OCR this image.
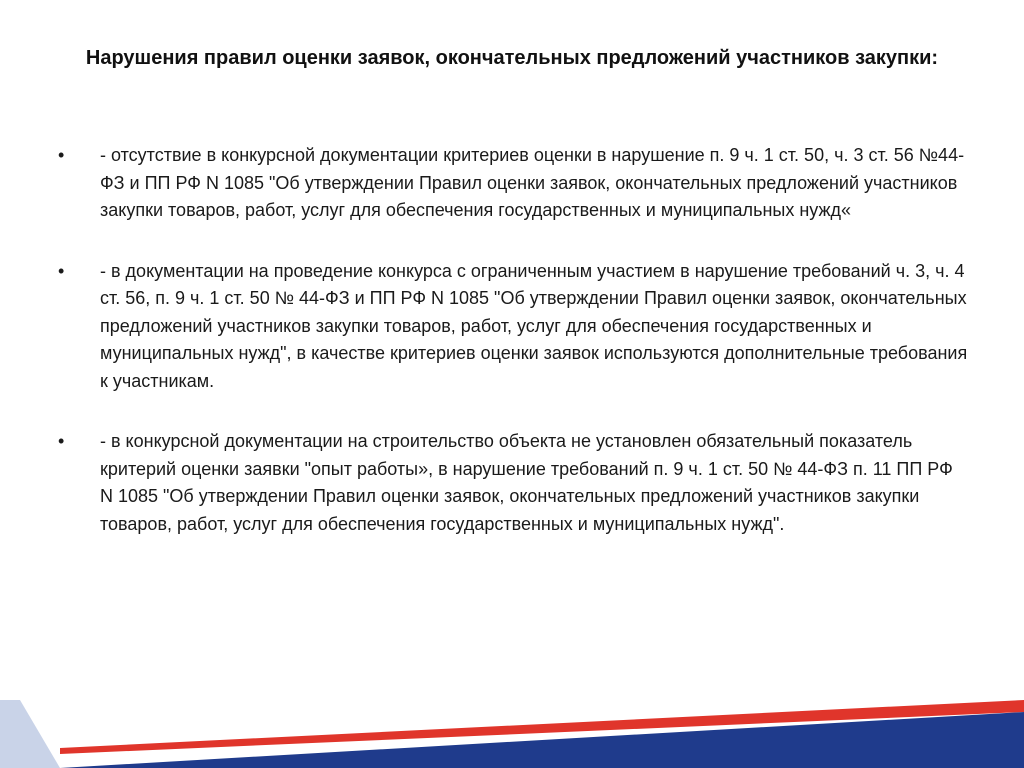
Нарушения правил оценки заявок, окончательных предложений участников закупки:
•	- отсутствие в конкурсной документации критериев оценки в нарушение п. 9 ч. 1 ст. 50, ч. 3 ст. 56 №44-ФЗ и ПП РФ N 1085 "Об утверждении Правил оценки заявок, окончательных предложений участников закупки товаров, работ, услуг для обеспечения государственных и муниципальных нужд«
•	- в документации на проведение конкурса с ограниченным участием в нарушение требований ч. 3, ч. 4 ст. 56, п. 9 ч. 1 ст. 50 № 44-ФЗ и ПП РФ N 1085 "Об утверждении Правил оценки заявок, окончательных предложений участников закупки товаров, работ, услуг для обеспечения государственных и муниципальных нужд", в качестве критериев оценки заявок используются дополнительные требования к участникам.
•	- в конкурсной документации на строительство объекта не установлен обязательный показатель критерий оценки заявки "опыт работы», в нарушение требований п. 9 ч. 1 ст. 50 № 44-ФЗ п. 11 ПП РФ N 1085 "Об утверждении Правил оценки заявок, окончательных предложений участников закупки товаров, работ, услуг для обеспечения государственных и муниципальных нужд".
